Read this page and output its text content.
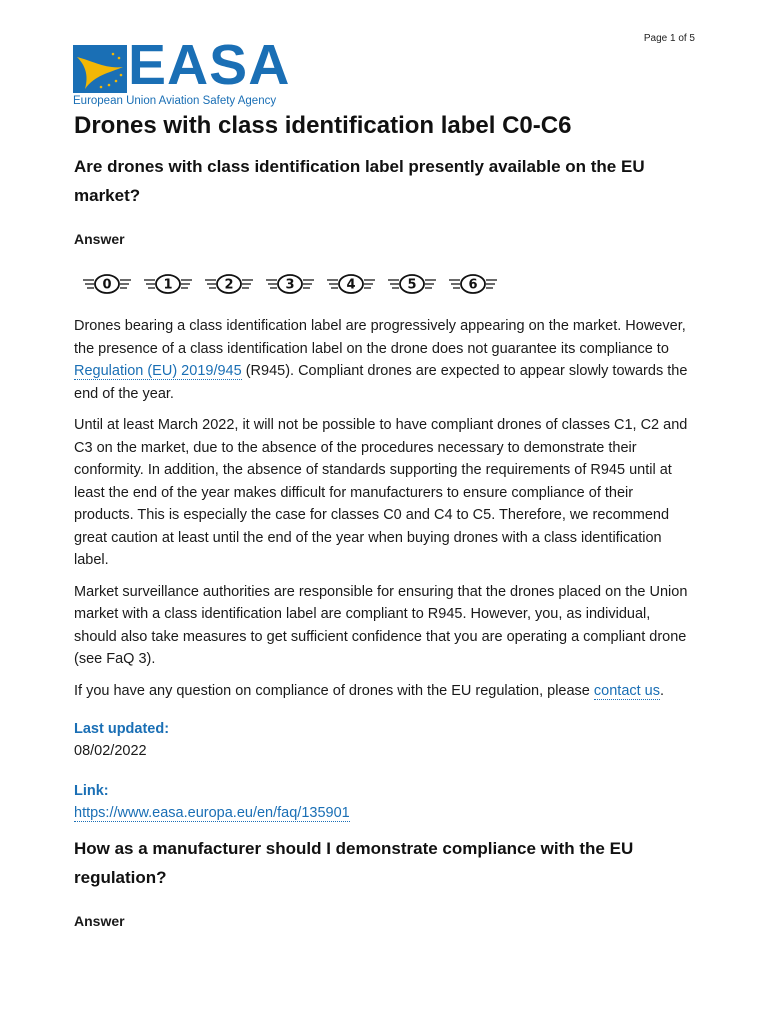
Page 1 of 5
EASA
European Union Aviation Safety Agency
Drones with class identification label C0-C6
Are drones with class identification label presently available on the EU market?
Answer
0	1	2	3	4	5	6

Drones bearing a class identification label are progressively appearing on the market. However, the presence of a class identification label on the drone does not guarantee its compliance to Regulation (EU) 2019/945 (R945). Compliant drones are expected to appear slowly towards the end of the year.

Until at least March 2022, it will not be possible to have compliant drones of classes C1, C2 and C3 on the market, due to the absence of the procedures necessary to demonstrate their conformity. In addition, the absence of standards supporting the requirements of R945 until at least the end of the year makes difficult for manufacturers to ensure compliance of their products. This is especially the case for classes C0 and C4 to C5. Therefore, we recommend great caution at least until the end of the year when buying drones with a class identification label.

Market surveillance authorities are responsible for ensuring that the drones placed on the Union market with a class identification label are compliant to R945. However, you, as individual, should also take measures to get sufficient confidence that you are operating a compliant drone (see FaQ 3).

If you have any question on compliance of drones with the EU regulation, please contact us.

Last updated:
08/02/2022
Link:
https://www.easa.europa.eu/en/faq/135901
How as a manufacturer should I demonstrate compliance with the EU regulation?
Answer
